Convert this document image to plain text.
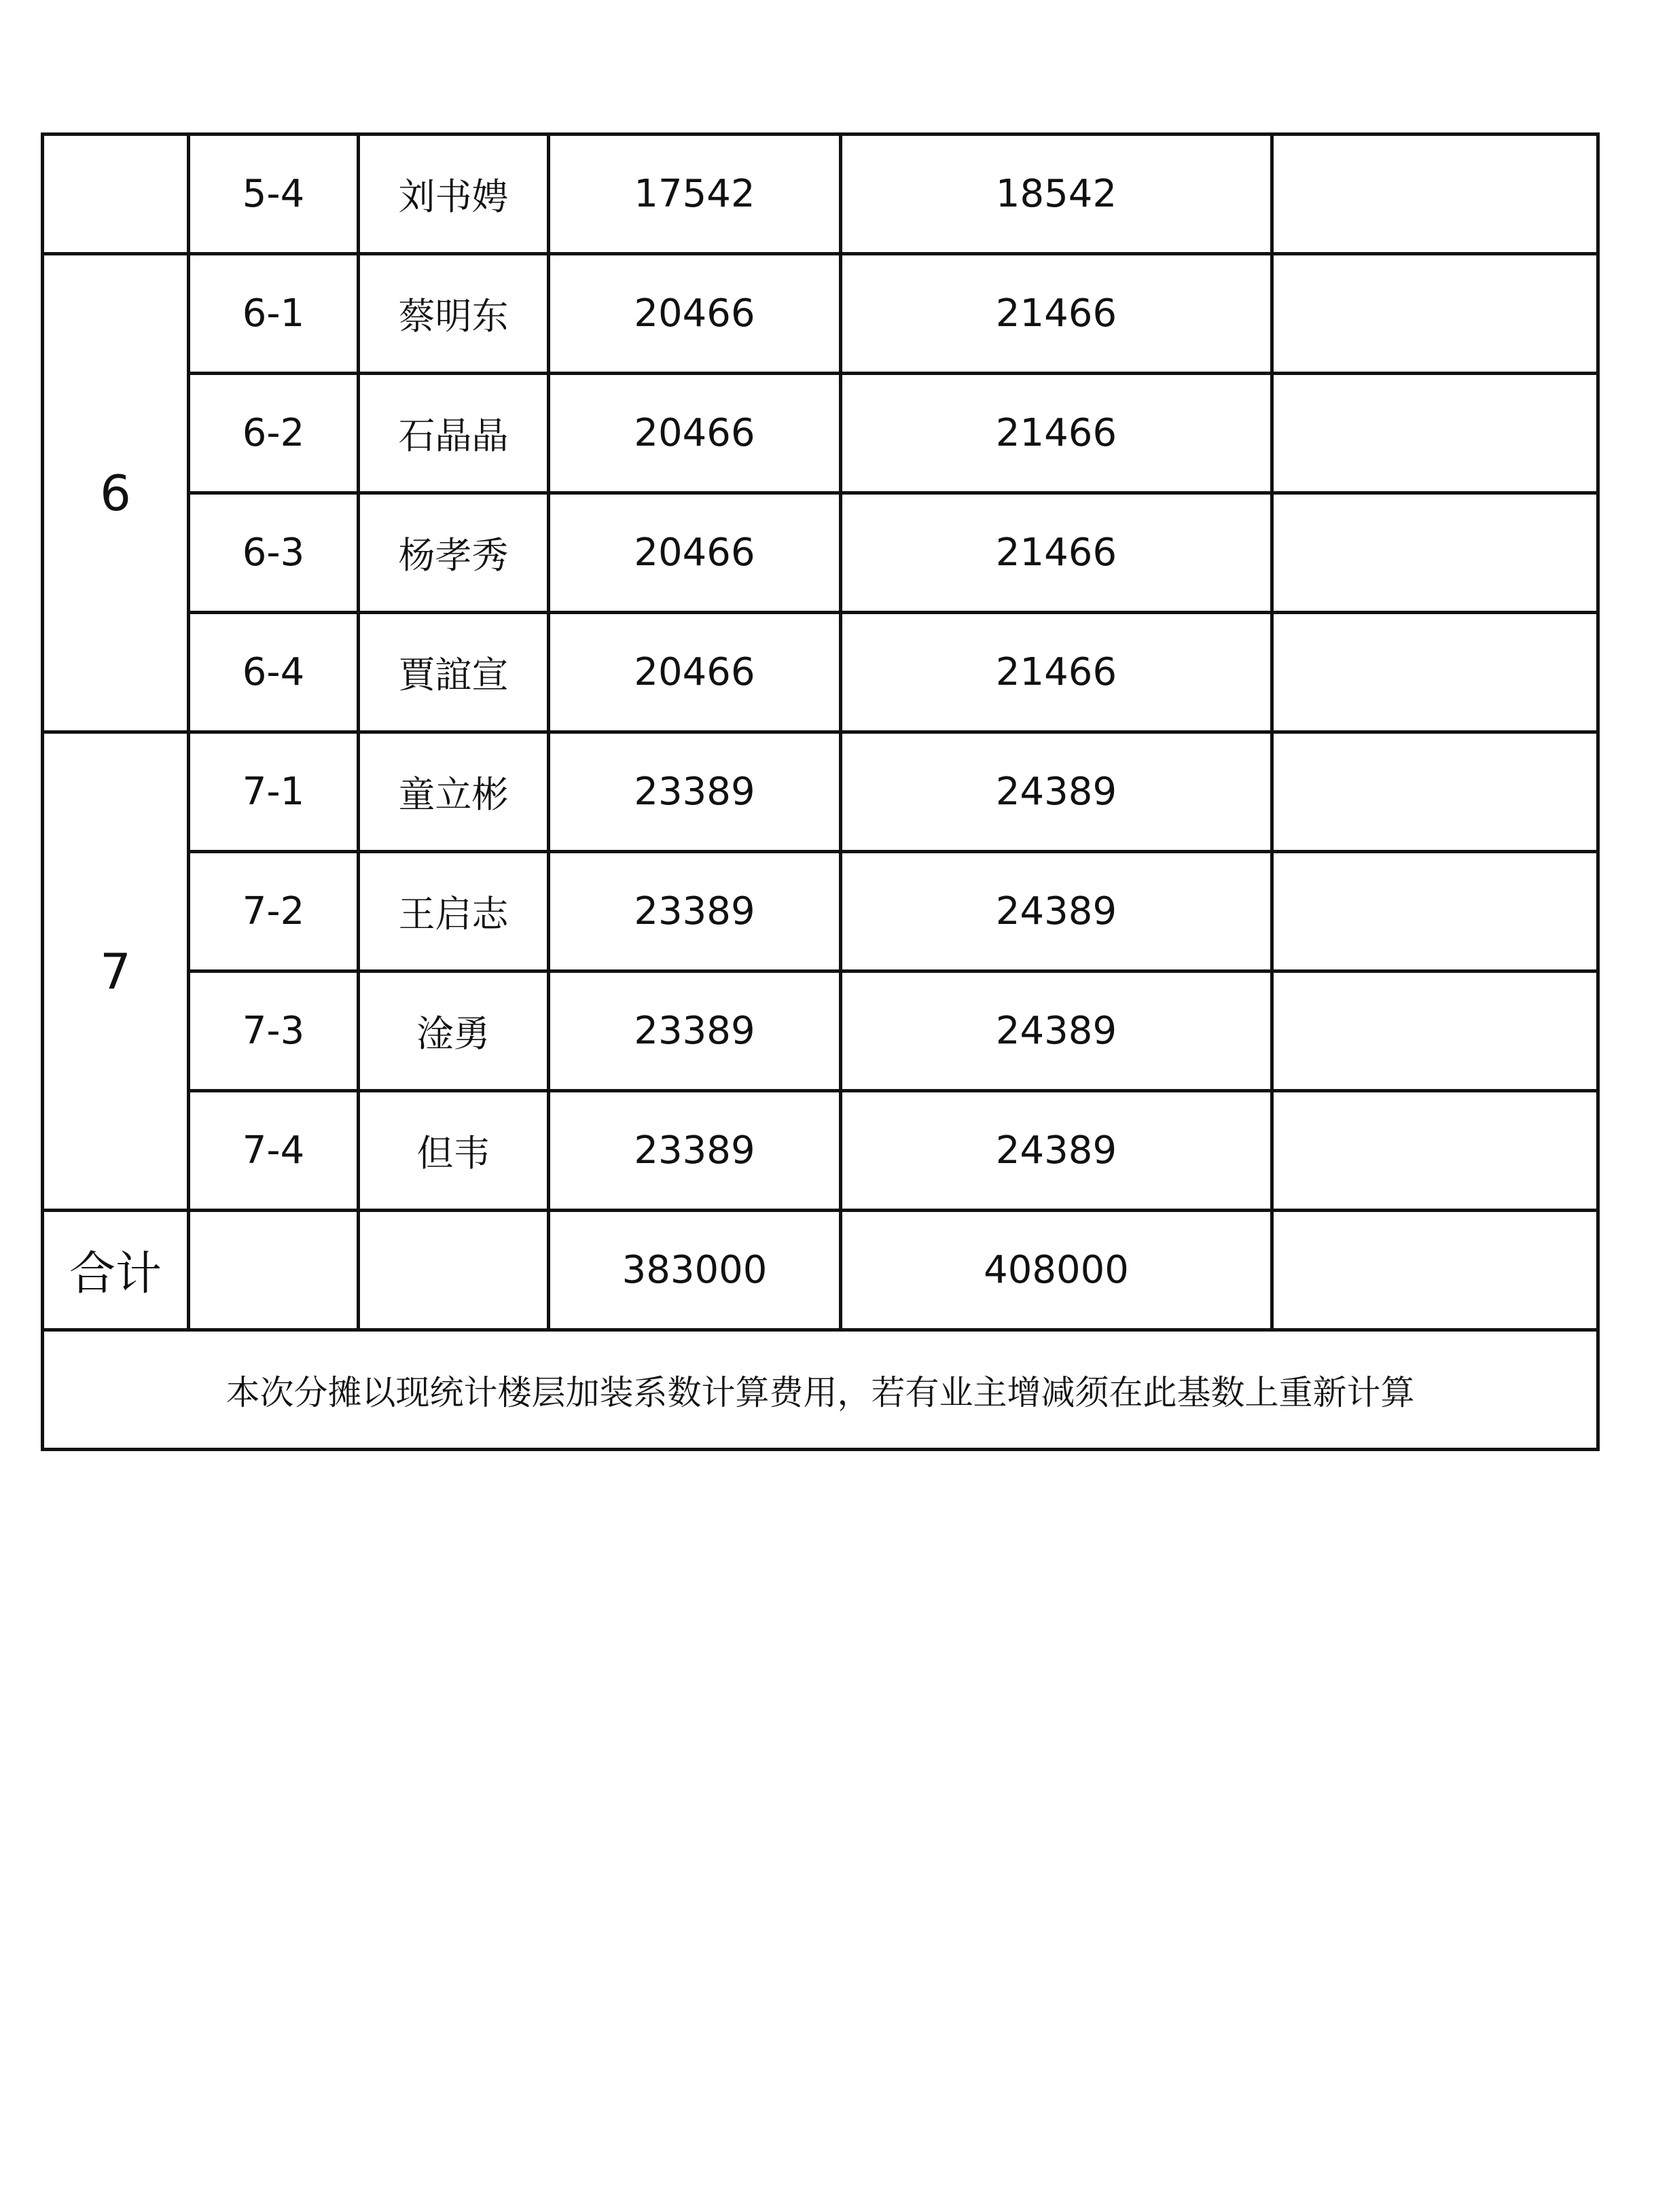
	5-4	刘书娉	17542	18542	
6	6-1	蔡明东	20466	21466	
	6-2	石晶晶	20466	21466	
	6-3	杨孝秀	20466	21466	
	6-4	賈誼宣	20466	21466	
7	7-1	童立彬	23389	24389	
	7-2	王启志	23389	24389	
	7-3	淦勇	23389	24389	
	7-4	但韦	23389	24389	
合计			383000	408000	
本次分摊以现统计楼层加装系数计算费用，若有业主增减须在此基数上重新计算					
